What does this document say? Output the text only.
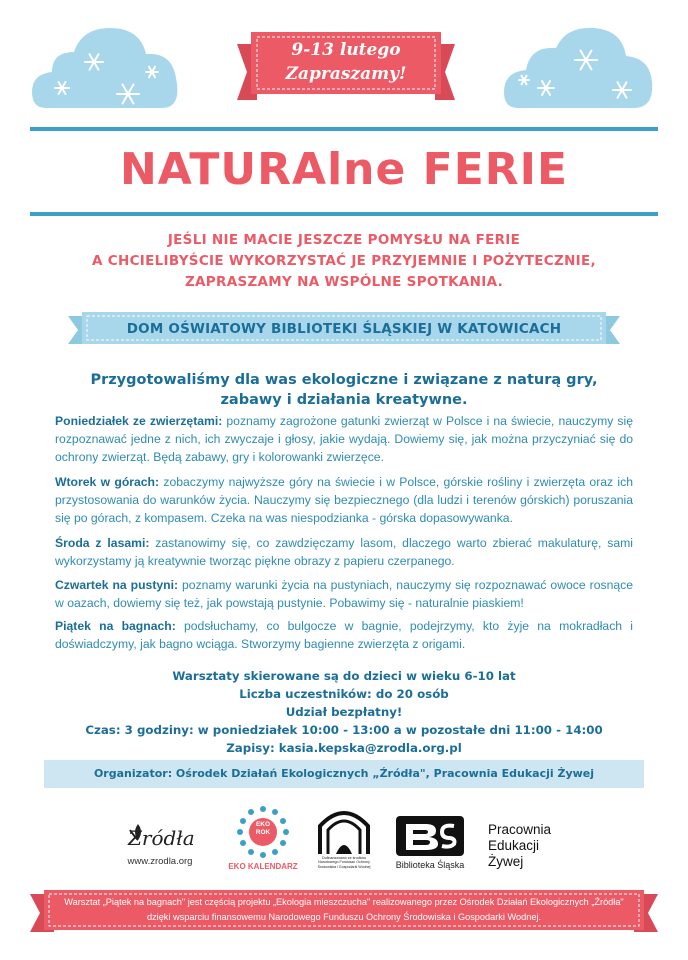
9-13 lutego
Zapraszamy!
NATURAlne FERIE
JEŚLI NIE MACIE JESZCZE POMYSŁU NA FERIE
A CHCIELIBYŚCIE WYKORZYSTAĆ JE PRZYJEMNIE I POŻYTECZNIE,
ZAPRASZAMY NA WSPÓLNE SPOTKANIA.
DOM OŚWIATOWY BIBLIOTEKI ŚLĄSKIEJ W KATOWICACH
Przygotowaliśmy dla was ekologiczne i związane z naturą gry,
zabawy i działania kreatywne.
Poniedziałek ze zwierzętami: poznamy zagrożone gatunki zwierząt w Polsce i na świecie, nauczymy się rozpoznawać jedne z nich, ich zwyczaje i głosy, jakie wydają. Dowiemy się, jak można przyczyniać się do ochrony zwierząt. Będą zabawy, gry i kolorowanki zwierzęce.
Wtorek w górach: zobaczymy najwyższe góry na świecie i w Polsce, górskie rośliny i zwierzęta oraz ich przystosowania do warunków życia. Nauczymy się bezpiecznego (dla ludzi i terenów górskich) poruszania się po górach, z kompasem. Czeka na was niespodzianka - górska dopasowywanka.
Środa z lasami: zastanowimy się, co zawdzięczamy lasom, dlaczego warto zbierać makulaturę, sami wykorzystamy ją kreatywnie tworząc piękne obrazy z papieru czerpanego.
Czwartek na pustyni: poznamy warunki życia na pustyniach, nauczymy się rozpoznawać owoce rosnące w oazach, dowiemy się też, jak powstają pustynie. Pobawimy się - naturalnie piaskiem!
Piątek na bagnach: podsłuchamy, co bulgocze w bagnie, podejrzymy, kto żyje na mokradłach i doświadczymy, jak bagno wciąga. Stworzymy bagienne zwierzęta z origami.
Warsztaty skierowane są do dzieci w wieku 6-10 lat
Liczba uczestników: do 20 osób
Udział bezpłatny!
Czas: 3 godziny: w poniedziałek 10:00 - 13:00 a w pozostałe dni 11:00 - 14:00
Zapisy: kasia.kepska@zrodla.org.pl
Organizator: Ośrodek Działań Ekologicznych „Źródła", Pracownia Edukacji Żywej
Źródła
www.zrodla.org
EKO
ROK
EKO KALENDARZ
Dofinansowano ze środków Narodowego Funduszu Ochrony Środowiska i Gospodarki Wodnej	Biblioteka Śląska
Pracownia
Edukacji
Żywej
Warsztat „Piątek na bagnach" jest częścią projektu „Ekologia mieszczucha" realizowanego przez Ośrodek Działań Ekologicznych „Źródła"
dzięki wsparciu finansowemu Narodowego Funduszu Ochrony Środowiska i Gospodarki Wodnej.
